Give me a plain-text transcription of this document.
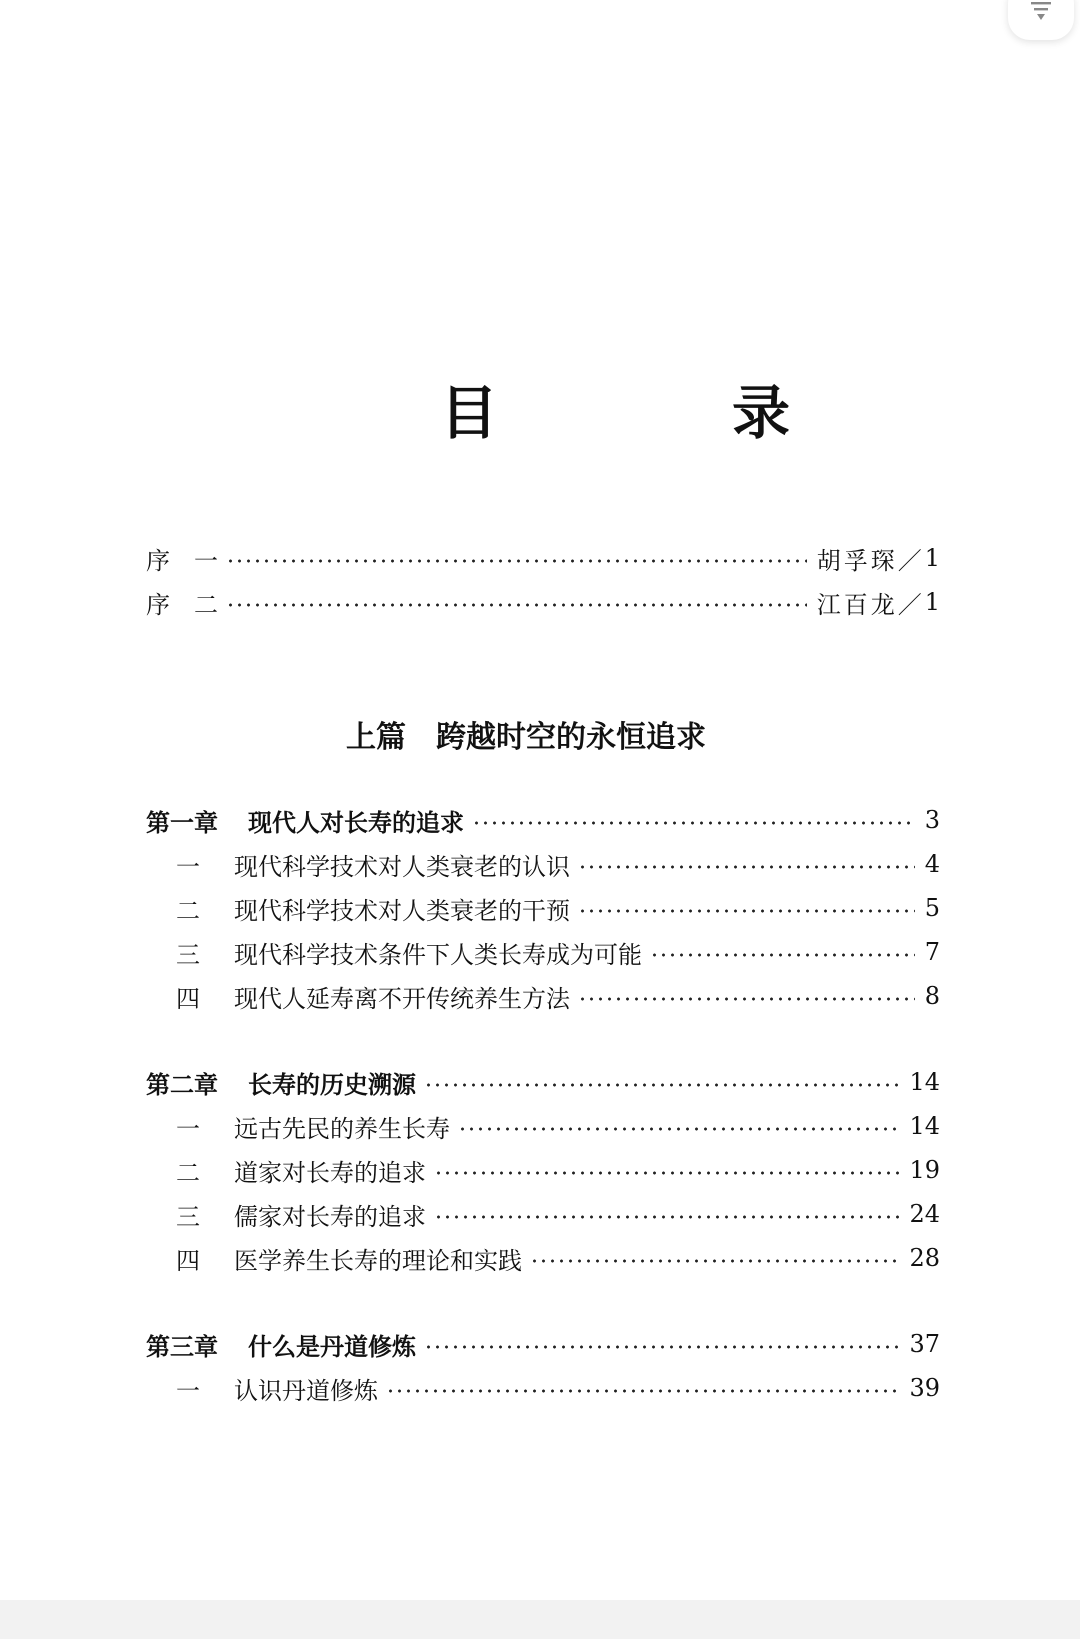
目　录
序　一	胡孚琛 ／ 1
序　二	江百龙 ／ 1
上篇 跨越时空的永恒追求
第一章 现代人对长寿的追求	3
一	现代科学技术对人类衰老的认识	4
二	现代科学技术对人类衰老的干预	5
三	现代科学技术条件下人类长寿成为可能	7
四	现代人延寿离不开传统养生方法	8
第二章 长寿的历史溯源	14
一	远古先民的养生长寿	14
二	道家对长寿的追求	19
三	儒家对长寿的追求	24
四	医学养生长寿的理论和实践	28
第三章 什么是丹道修炼	37
一	认识丹道修炼	39
